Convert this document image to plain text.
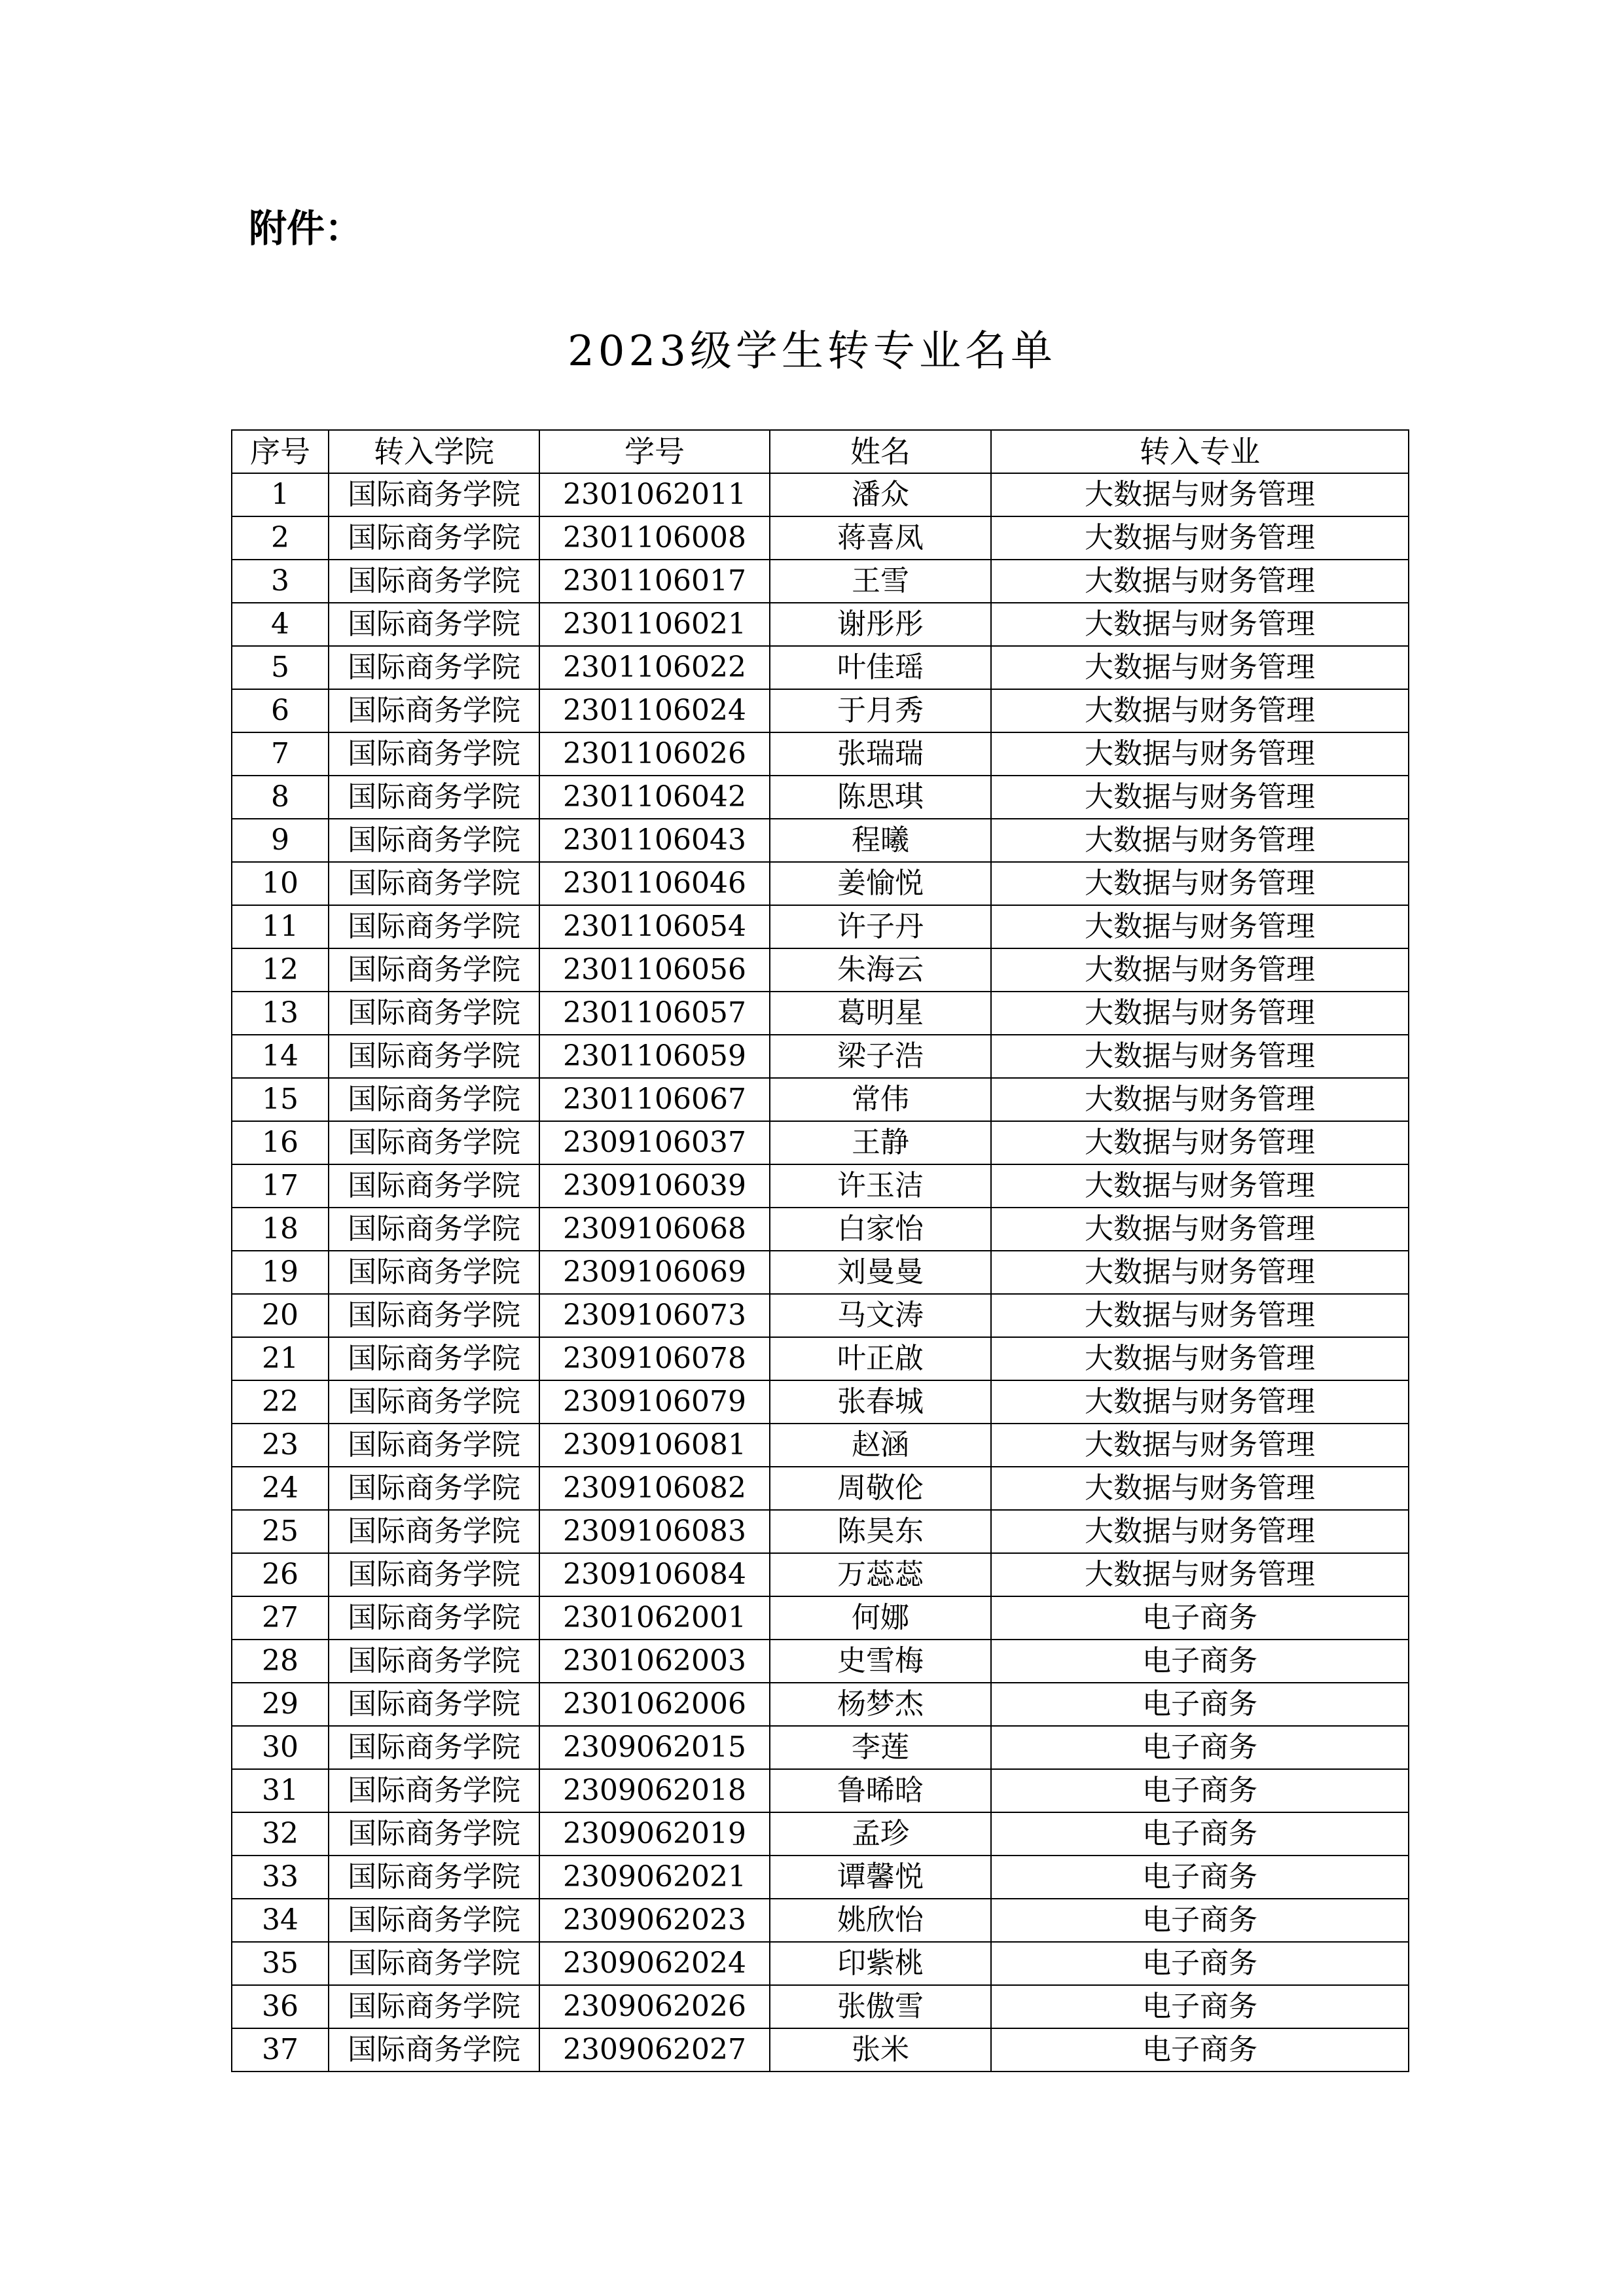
附件：
2023级学生转专业名单
序号	转入学院	学号	姓名	转入专业
1	国际商务学院	2301062011	潘众	大数据与财务管理
2	国际商务学院	2301106008	蒋喜凤	大数据与财务管理
3	国际商务学院	2301106017	王雪	大数据与财务管理
4	国际商务学院	2301106021	谢彤彤	大数据与财务管理
5	国际商务学院	2301106022	叶佳瑶	大数据与财务管理
6	国际商务学院	2301106024	于月秀	大数据与财务管理
7	国际商务学院	2301106026	张瑞瑞	大数据与财务管理
8	国际商务学院	2301106042	陈思琪	大数据与财务管理
9	国际商务学院	2301106043	程曦	大数据与财务管理
10	国际商务学院	2301106046	姜愉悦	大数据与财务管理
11	国际商务学院	2301106054	许子丹	大数据与财务管理
12	国际商务学院	2301106056	朱海云	大数据与财务管理
13	国际商务学院	2301106057	葛明星	大数据与财务管理
14	国际商务学院	2301106059	梁子浩	大数据与财务管理
15	国际商务学院	2301106067	常伟	大数据与财务管理
16	国际商务学院	2309106037	王静	大数据与财务管理
17	国际商务学院	2309106039	许玉洁	大数据与财务管理
18	国际商务学院	2309106068	白家怡	大数据与财务管理
19	国际商务学院	2309106069	刘曼曼	大数据与财务管理
20	国际商务学院	2309106073	马文涛	大数据与财务管理
21	国际商务学院	2309106078	叶正啟	大数据与财务管理
22	国际商务学院	2309106079	张春城	大数据与财务管理
23	国际商务学院	2309106081	赵涵	大数据与财务管理
24	国际商务学院	2309106082	周敬伦	大数据与财务管理
25	国际商务学院	2309106083	陈昊东	大数据与财务管理
26	国际商务学院	2309106084	万蕊蕊	大数据与财务管理
27	国际商务学院	2301062001	何娜	电子商务
28	国际商务学院	2301062003	史雪梅	电子商务
29	国际商务学院	2301062006	杨梦杰	电子商务
30	国际商务学院	2309062015	李莲	电子商务
31	国际商务学院	2309062018	鲁晞晗	电子商务
32	国际商务学院	2309062019	孟珍	电子商务
33	国际商务学院	2309062021	谭馨悦	电子商务
34	国际商务学院	2309062023	姚欣怡	电子商务
35	国际商务学院	2309062024	印紫桃	电子商务
36	国际商务学院	2309062026	张傲雪	电子商务
37	国际商务学院	2309062027	张米	电子商务
